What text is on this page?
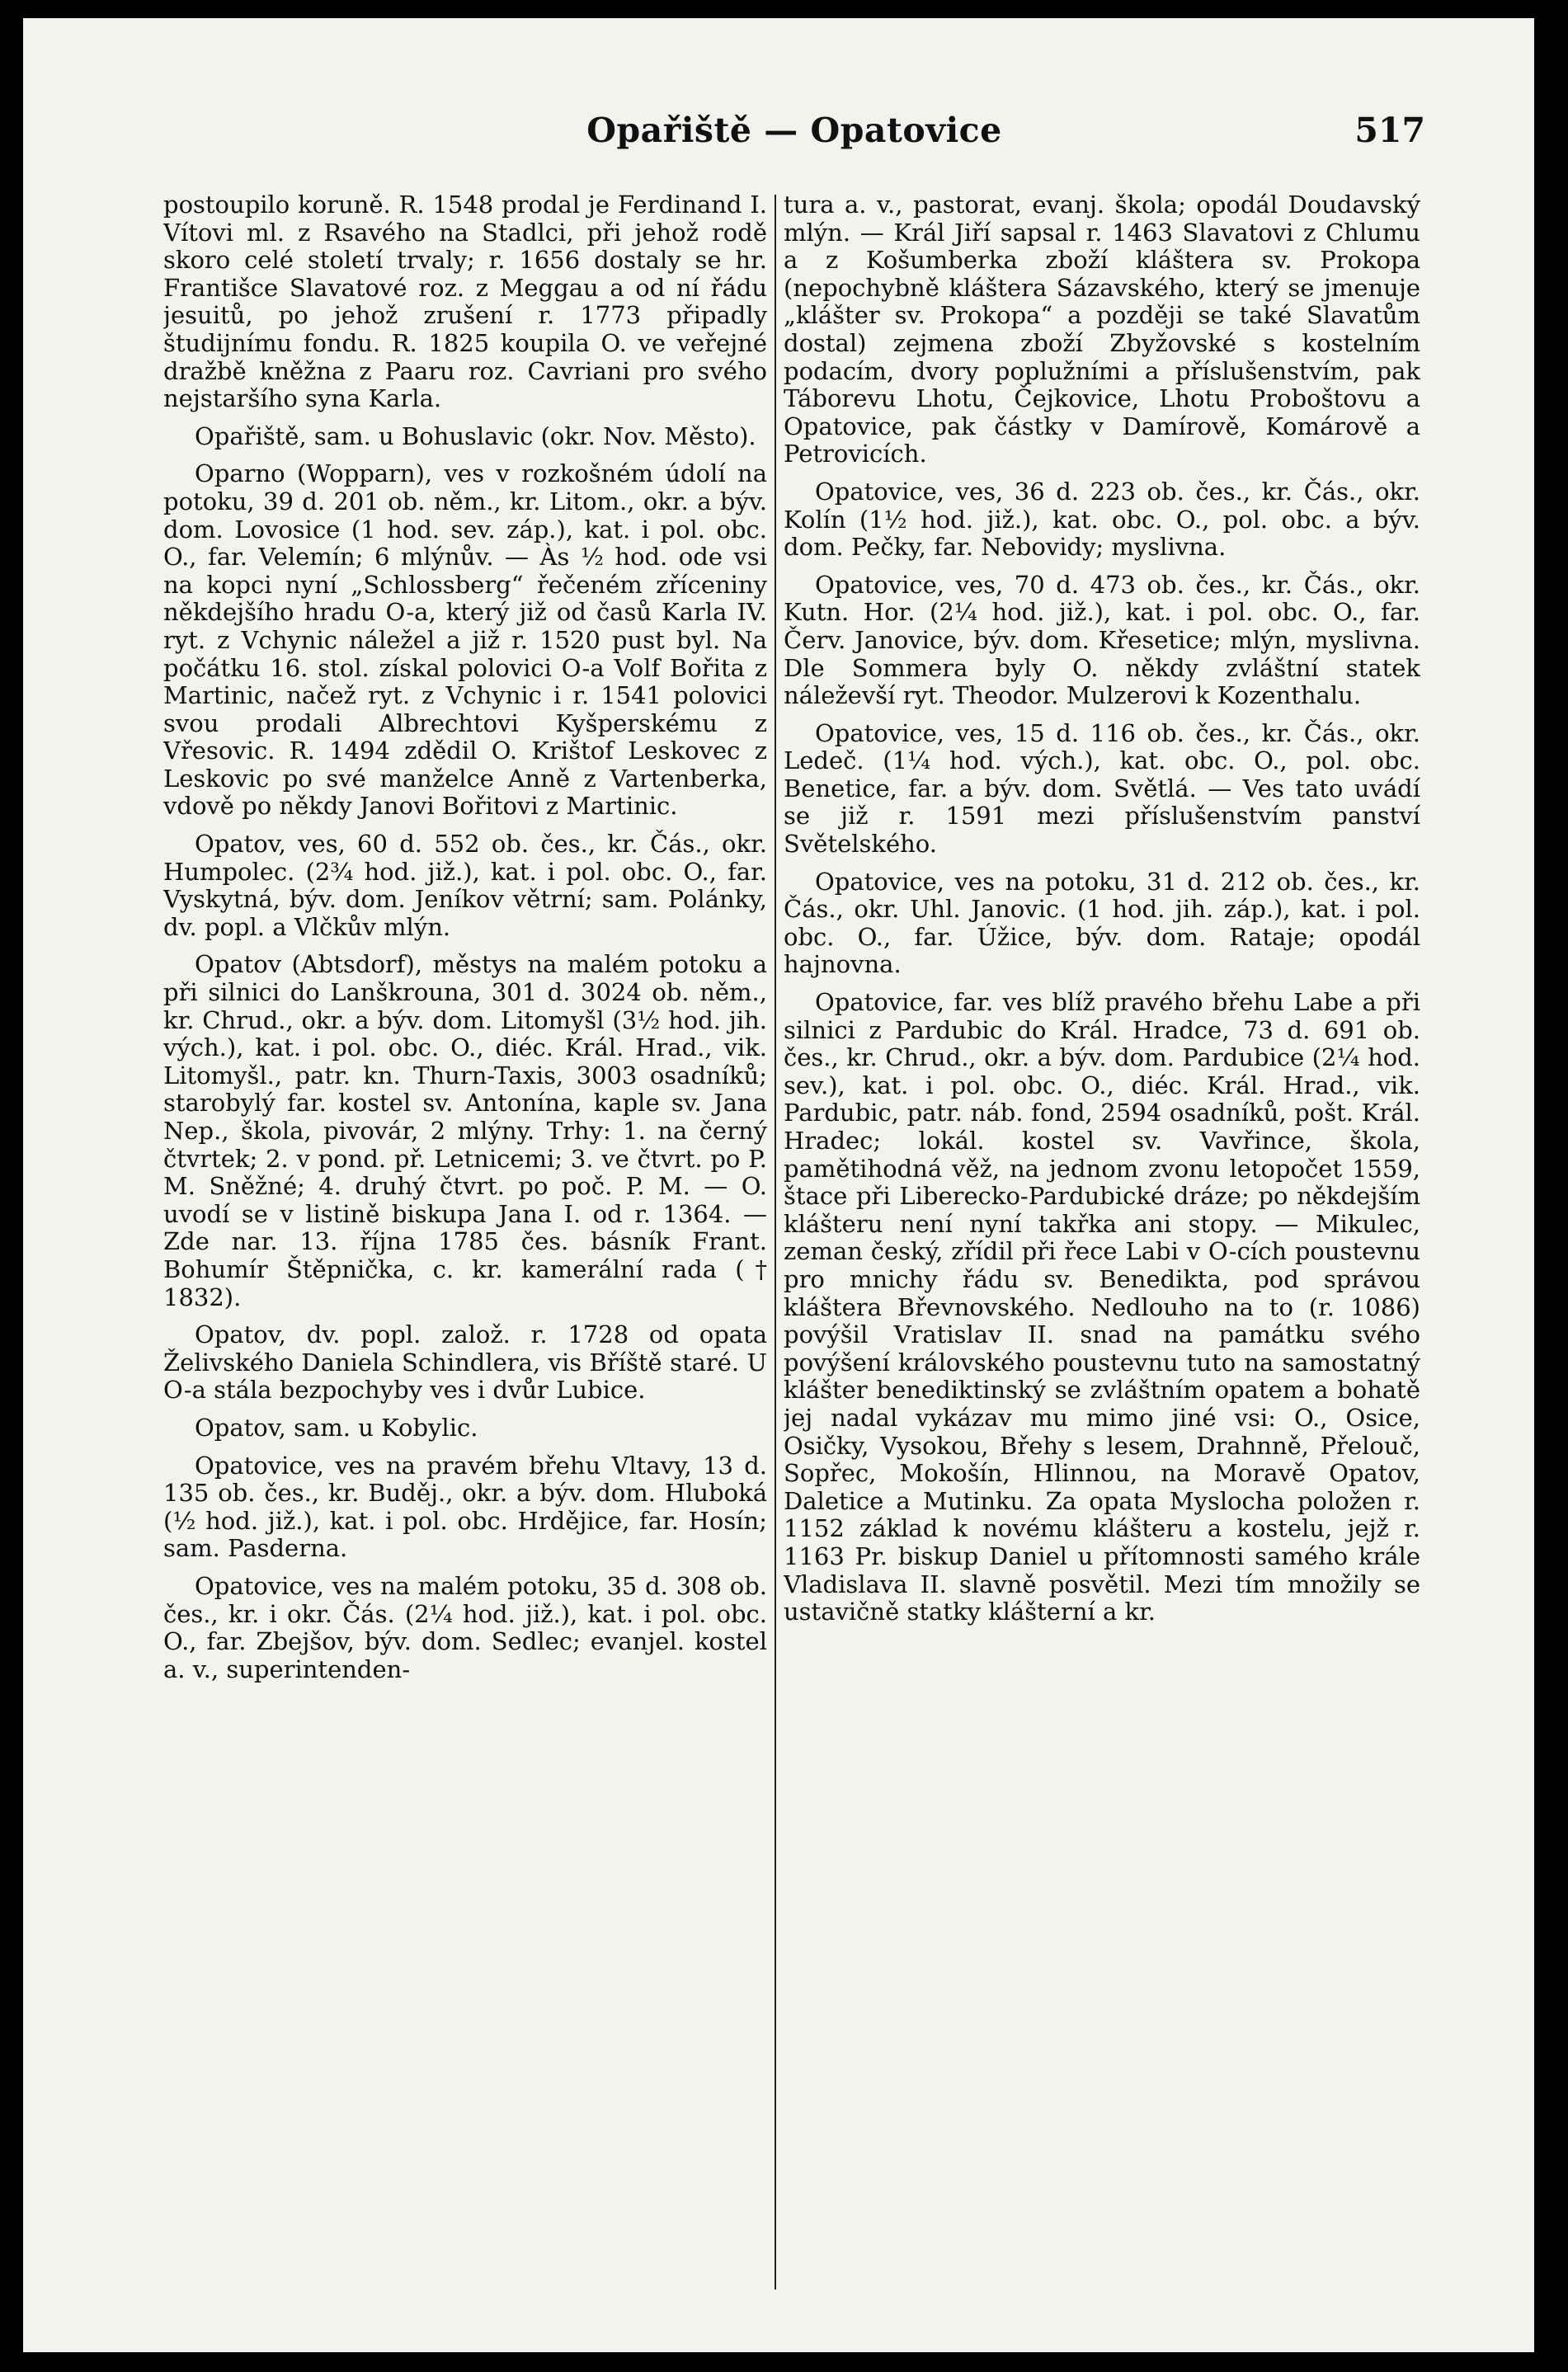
Opařiště — Opatovice	517

postoupilo koruně. R. 1548 prodal je Ferdinand I. Vítovi ml. z Rsavého na Stadlci, při jehož rodě skoro celé století trvaly; r. 1656 dostaly se hr. Františce Slavatové roz. z Meggau a od ní řádu jesuitů, po jehož zrušení r. 1773 připadly študijnímu fondu. R. 1825 koupila O. ve veřejné dražbě kněžna z Paaru roz. Cavriani pro svého nejstaršího syna Karla.

Opařiště, sam. u Bohuslavic (okr. Nov. Město).

Oparno (Wopparn), ves v rozkošném údolí na potoku, 39 d. 201 ob. něm., kr. Litom., okr. a býv. dom. Lovosice (1 hod. sev. záp.), kat. i pol. obc. O., far. Velemín; 6 mlýnův. — Às ½ hod. ode vsi na kopci nyní „Schlossberg“ řečeném zříceniny někdejšího hradu O-a, který již od časů Karla IV. ryt. z Vchynic náležel a již r. 1520 pust byl. Na počátku 16. stol. získal polovici O-a Volf Bořita z Martinic, načež ryt. z Vchynic i r. 1541 polovici svou prodali Albrechtovi Kyšperskému z Vřesovic. R. 1494 zdědil O. Krištof Leskovec z Leskovic po své manželce Anně z Vartenberka, vdově po někdy Janovi Bořitovi z Martinic.

Opatov, ves, 60 d. 552 ob. čes., kr. Čás., okr. Humpolec. (2¾ hod. již.), kat. i pol. obc. O., far. Vyskytná, býv. dom. Jeníkov větrní; sam. Polánky, dv. popl. a Vlčkův mlýn.

Opatov (Abtsdorf), městys na malém potoku a při silnici do Lanškrouna, 301 d. 3024 ob. něm., kr. Chrud., okr. a býv. dom. Litomyšl (3½ hod. jih. vých.), kat. i pol. obc. O., diéc. Král. Hrad., vik. Litomyšl., patr. kn. Thurn-Taxis, 3003 osadníků; starobylý far. kostel sv. Antonína, kaple sv. Jana Nep., škola, pivovár, 2 mlýny. Trhy: 1. na černý čtvrtek; 2. v pond. př. Letnicemi; 3. ve čtvrt. po P. M. Sněžné; 4. druhý čtvrt. po poč. P. M. — O. uvodí se v listině biskupa Jana I. od r. 1364. — Zde nar. 13. října 1785 čes. básník Frant. Bohumír Štěpnička, c. kr. kamerální rada († 1832).

Opatov, dv. popl. založ. r. 1728 od opata Želivského Daniela Schindlera, vis Bříště staré. U O-a stála bezpochyby ves i dvůr Lubice.

Opatov, sam. u Kobylic.

Opatovice, ves na pravém břehu Vltavy, 13 d. 135 ob. čes., kr. Buděj., okr. a býv. dom. Hluboká (½ hod. již.), kat. i pol. obc. Hrdějice, far. Hosín; sam. Pasderna.

Opatovice, ves na malém potoku, 35 d. 308 ob. čes., kr. i okr. Čás. (2¼ hod. již.), kat. i pol. obc. O., far. Zbejšov, býv. dom. Sedlec; evanjel. kostel a. v., superintenden-

tura a. v., pastorat, evanj. škola; opodál Doudavský mlýn. — Král Jiří sapsal r. 1463 Slavatovi z Chlumu a z Košumberka zboží kláštera sv. Prokopa (nepochybně kláštera Sázavského, který se jmenuje „klášter sv. Prokopa“ a později se také Slavatům dostal) zejmena zboží Zbyžovské s kostelním podacím, dvory poplužními a příslušenstvím, pak Táborevu Lhotu, Čejkovice, Lhotu Proboštovu a Opatovice, pak částky v Damírově, Komárově a Petrovicích.

Opatovice, ves, 36 d. 223 ob. čes., kr. Čás., okr. Kolín (1½ hod. již.), kat. obc. O., pol. obc. a býv. dom. Pečky, far. Nebovidy; myslivna.

Opatovice, ves, 70 d. 473 ob. čes., kr. Čás., okr. Kutn. Hor. (2¼ hod. již.), kat. i pol. obc. O., far. Červ. Janovice, býv. dom. Křesetice; mlýn, myslivna. Dle Sommera byly O. někdy zvláštní statek náleževší ryt. Theodor. Mulzerovi k Kozenthalu.

Opatovice, ves, 15 d. 116 ob. čes., kr. Čás., okr. Ledeč. (1¼ hod. vých.), kat. obc. O., pol. obc. Benetice, far. a býv. dom. Světlá. — Ves tato uvádí se již r. 1591 mezi příslušenstvím panství Světelského.

Opatovice, ves na potoku, 31 d. 212 ob. čes., kr. Čás., okr. Uhl. Janovic. (1 hod. jih. záp.), kat. i pol. obc. O., far. Úžice, býv. dom. Rataje; opodál hajnovna.

Opatovice, far. ves blíž pravého břehu Labe a při silnici z Pardubic do Král. Hradce, 73 d. 691 ob. čes., kr. Chrud., okr. a býv. dom. Pardubice (2¼ hod. sev.), kat. i pol. obc. O., diéc. Král. Hrad., vik. Pardubic, patr. náb. fond, 2594 osadníků, pošt. Král. Hradec; lokál. kostel sv. Vavřince, škola, pamětihodná věž, na jednom zvonu letopočet 1559, štace při Liberecko-Pardubické dráze; po někdejším klášteru není nyní takřka ani stopy. — Mikulec, zeman český, zřídil při řece Labi v O-cích poustevnu pro mnichy řádu sv. Benedikta, pod správou kláštera Břevnovského. Nedlouho na to (r. 1086) povýšil Vratislav II. snad na památku svého povýšení královského poustevnu tuto na samostatný klášter benediktinský se zvláštním opatem a bohatě jej nadal vykázav mu mimo jiné vsi: O., Osice, Osičky, Vysokou, Břehy s lesem, Drahnně, Přelouč, Sopřec, Mokošín, Hlinnou, na Moravě Opatov, Daletice a Mutinku. Za opata Myslocha položen r. 1152 základ k novému klášteru a kostelu, jejž r. 1163 Pr. biskup Daniel u přítomnosti samého krále Vladislava II. slavně posvětil. Mezi tím množily se ustavičně statky klášterní a kr.
